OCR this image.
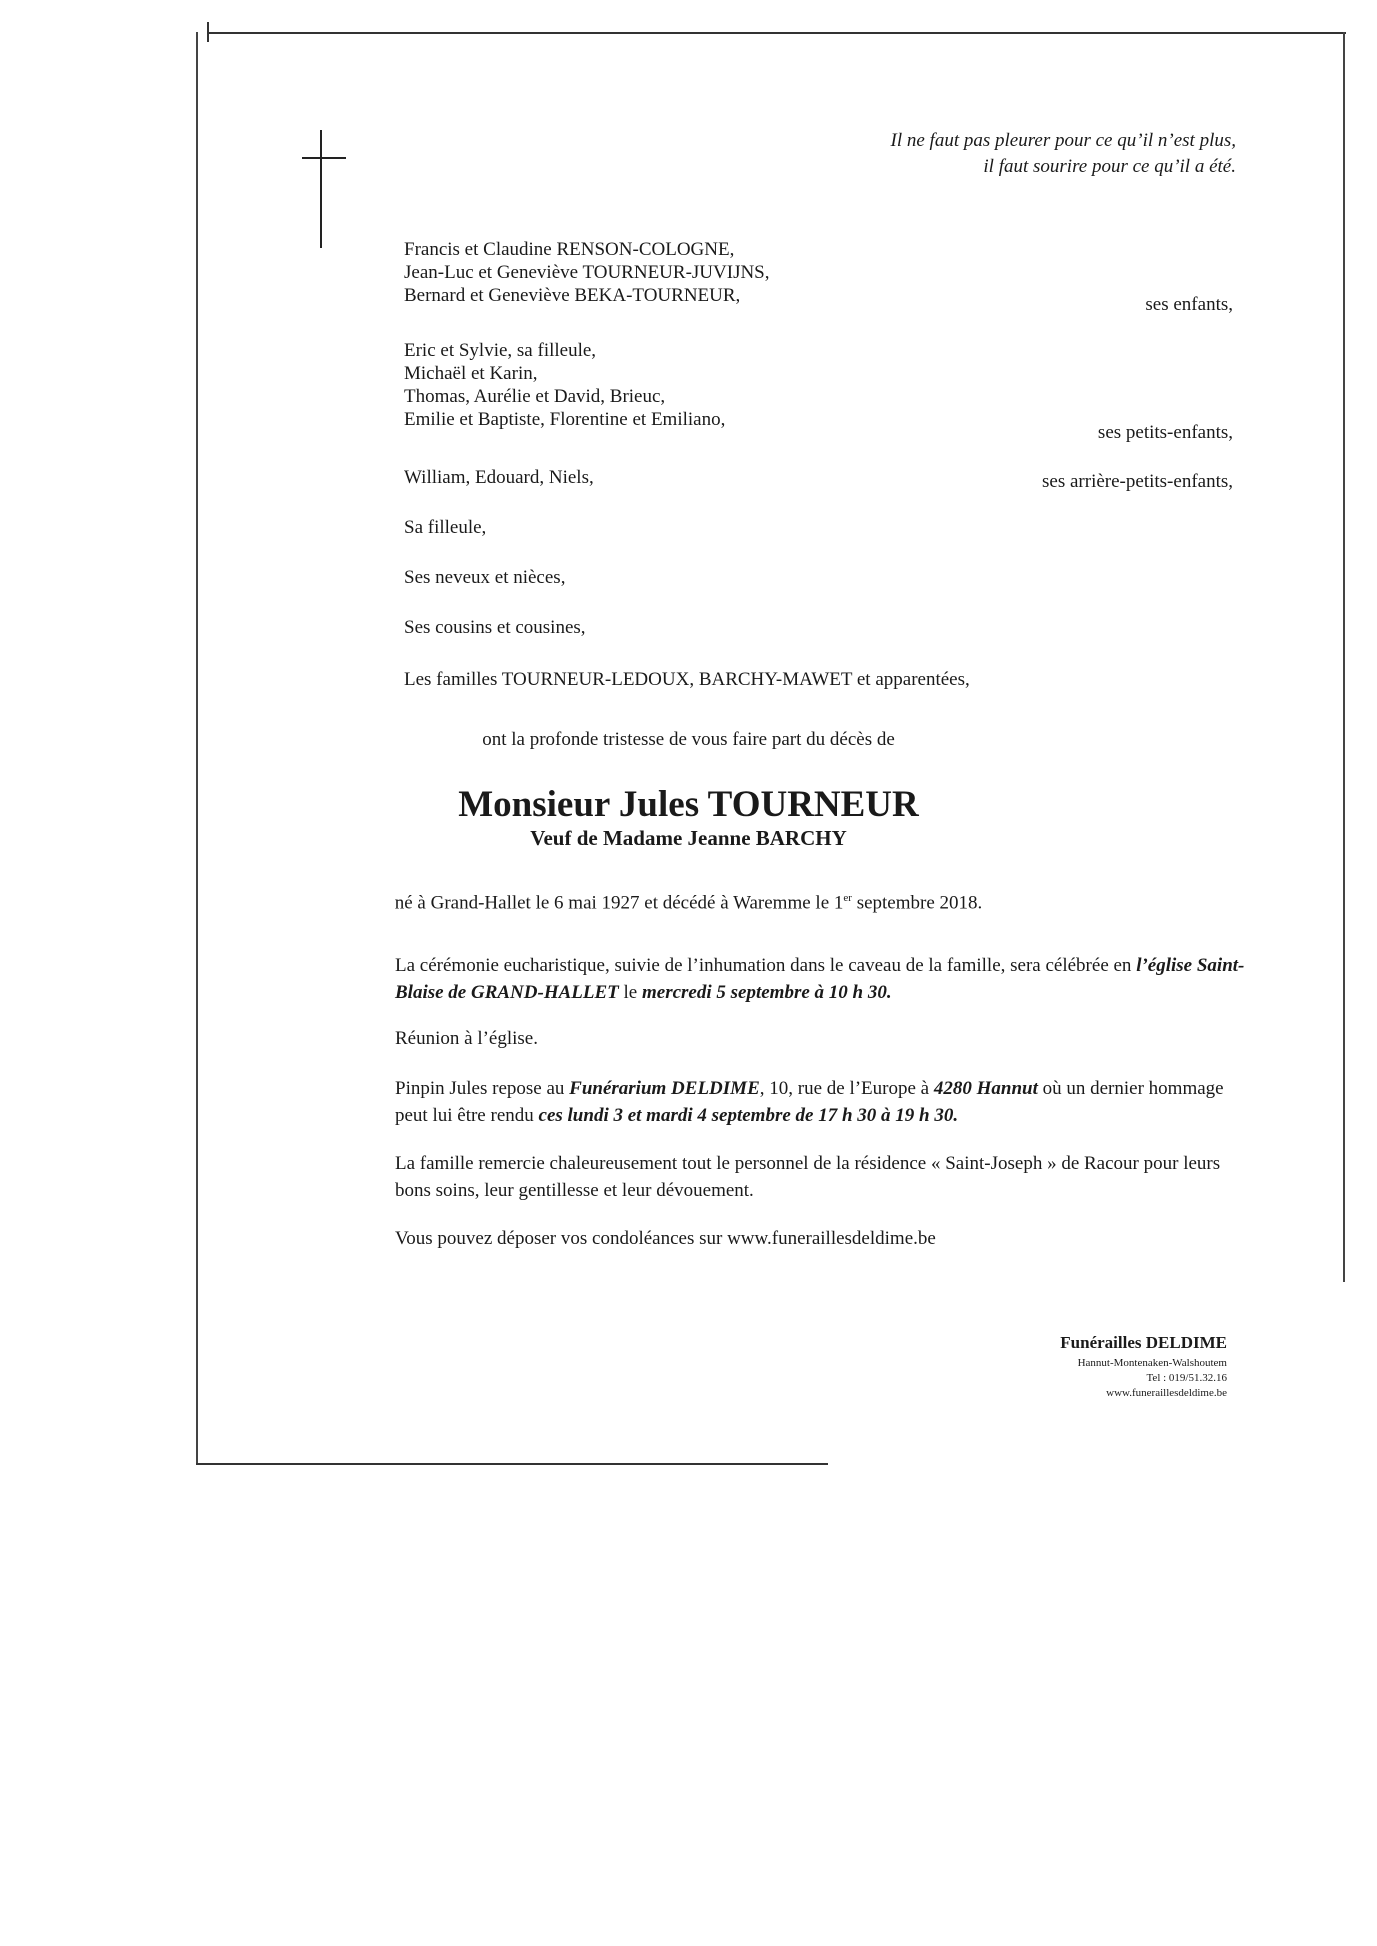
Il ne faut pas pleurer pour ce qu’il n’est plus,
il faut sourire pour ce qu’il a été.
Francis et Claudine RENSON-COLOGNE,
Jean-Luc et Geneviève TOURNEUR-JUVIJNS,
Bernard et Geneviève BEKA-TOURNEUR,	ses enfants,
Eric et Sylvie, sa filleule,
Michaël et Karin,
Thomas, Aurélie et David, Brieuc,
Emilie et Baptiste, Florentine et Emiliano,
ses petits-enfants,
William, Edouard, Niels,	ses arrière-petits-enfants,
Sa filleule,
Ses neveux et nièces,
Ses cousins et cousines,
Les familles TOURNEUR-LEDOUX, BARCHY-MAWET et apparentées,
ont la profonde tristesse de vous faire part du décès de
Monsieur Jules TOURNEUR
Veuf de Madame Jeanne BARCHY
né à Grand-Hallet le 6 mai 1927 et décédé à Waremme le 1er septembre 2018.
La cérémonie eucharistique, suivie de l’inhumation dans le caveau de la famille, sera célébrée en l’église Saint-Blaise de GRAND-HALLET le mercredi 5 septembre à 10 h 30.
Réunion à l’église.
Pinpin Jules repose au Funérarium DELDIME, 10, rue de l’Europe à 4280 Hannut où un dernier hommage peut lui être rendu ces lundi 3 et mardi 4 septembre de 17 h 30 à 19 h 30.
La famille remercie chaleureusement tout le personnel de la résidence « Saint-Joseph » de Racour pour leurs bons soins, leur gentillesse et leur dévouement.
Vous pouvez déposer vos condoléances sur www.funeraillesdeldime.be
Funérailles DELDIME
Hannut-Montenaken-Walshoutem
Tel : 019/51.32.16
www.funeraillesdeldime.be
